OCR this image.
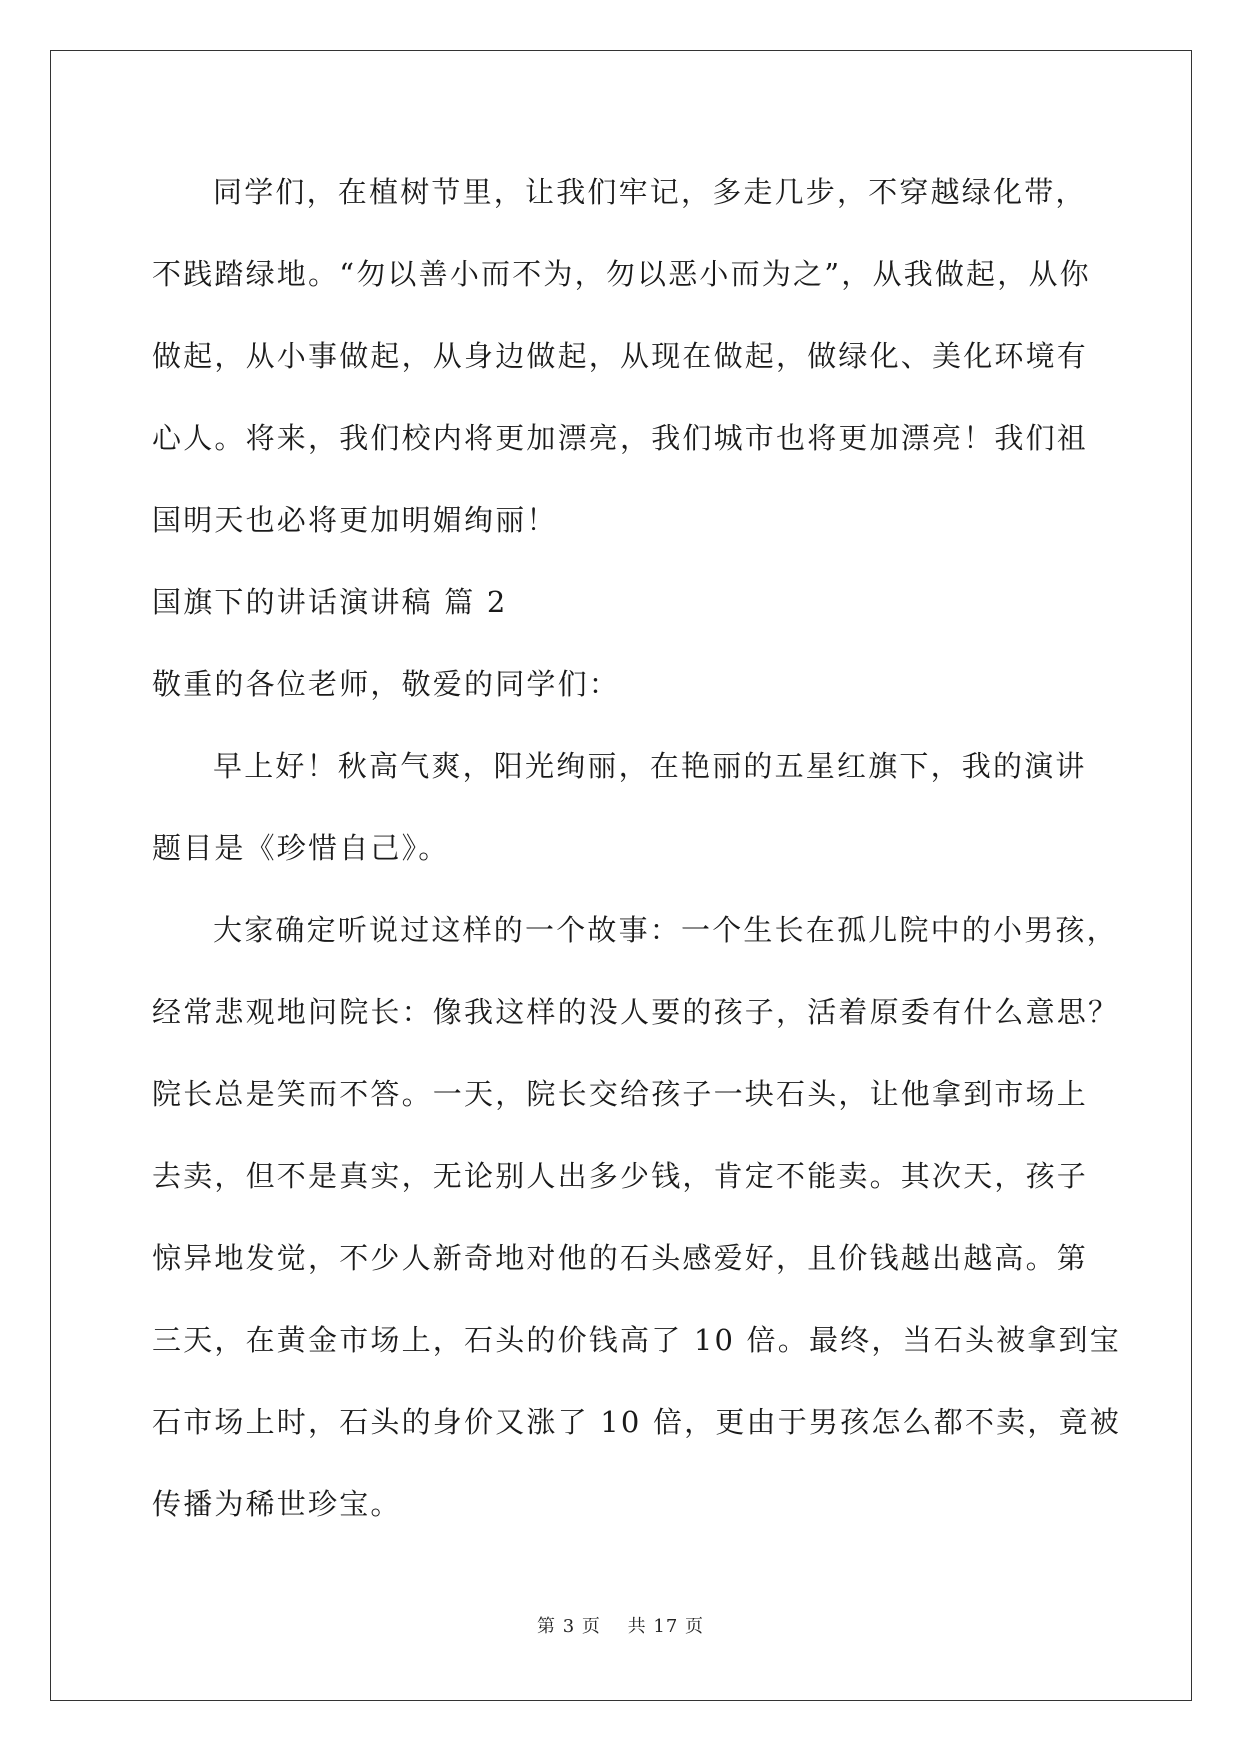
同学们，在植树节里，让我们牢记，多走几步，不穿越绿化带，
不践踏绿地。“勿以善小而不为，勿以恶小而为之”，从我做起，从你
做起，从小事做起，从身边做起，从现在做起，做绿化、美化环境有
心人。将来，我们校内将更加漂亮，我们城市也将更加漂亮！我们祖
国明天也必将更加明媚绚丽！
国旗下的讲话演讲稿 篇 2
敬重的各位老师，敬爱的同学们：
早上好！秋高气爽，阳光绚丽，在艳丽的五星红旗下，我的演讲
题目是《珍惜自己》。
大家确定听说过这样的一个故事：一个生长在孤儿院中的小男孩，
经常悲观地问院长：像我这样的没人要的孩子，活着原委有什么意思？
院长总是笑而不答。一天，院长交给孩子一块石头，让他拿到市场上
去卖，但不是真实，无论别人出多少钱，肯定不能卖。其次天，孩子
惊异地发觉，不少人新奇地对他的石头感爱好，且价钱越出越高。第
三天，在黄金市场上，石头的价钱高了 10 倍。最终，当石头被拿到宝
石市场上时，石头的身价又涨了 10 倍，更由于男孩怎么都不卖，竟被
传播为稀世珍宝。
第 3 页 共 17 页
